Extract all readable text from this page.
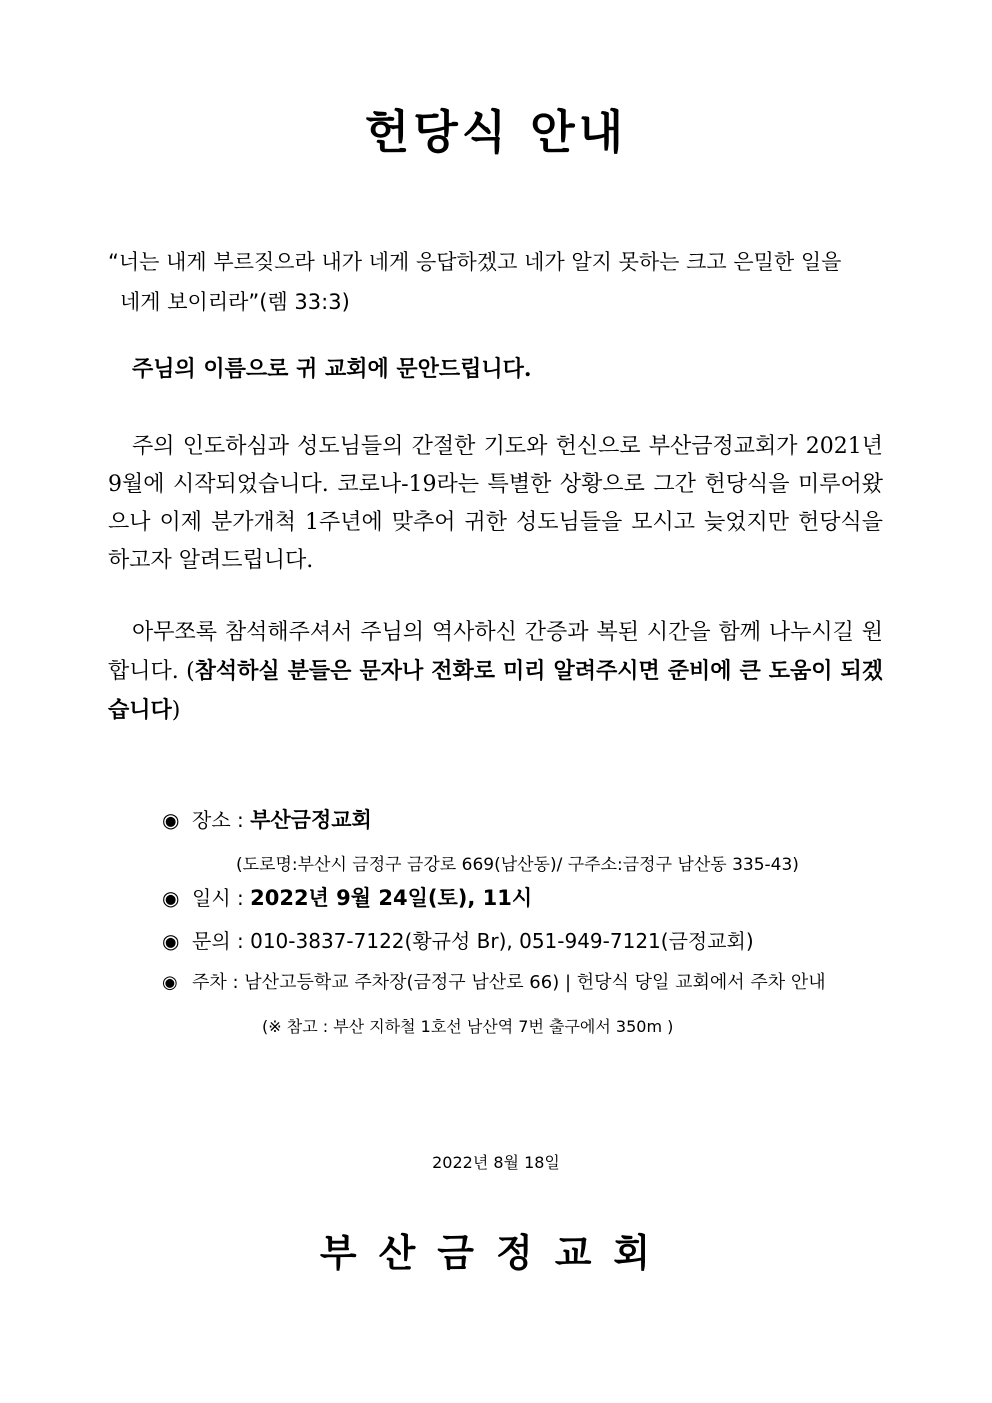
헌당식 안내
“너는 내게 부르짖으라 내가 네게 응답하겠고 네가 알지 못하는 크고 은밀한 일을
네게 보이리라”(렘 33:3)
주님의 이름으로 귀 교회에 문안드립니다.
주의 인도하심과 성도님들의 간절한 기도와 헌신으로 부산금정교회가 2021년 9월에 시작되었습니다. 코로나-19라는 특별한 상황으로 그간 헌당식을 미루어왔으나 이제 분가개척 1주년에 맞추어 귀한 성도님들을 모시고 늦었지만 헌당식을 하고자 알려드립니다.
아무쪼록 참석해주셔서 주님의 역사하신 간증과 복된 시간을 함께 나누시길 원합니다. (참석하실 분들은 문자나 전화로 미리 알려주시면 준비에 큰 도움이 되겠습니다)
◉ 장소 : 부산금정교회
(도로명:부산시 금정구 금강로 669(남산동)/ 구주소:금정구 남산동 335-43)
◉ 일시 : 2022년 9월 24일(토), 11시
◉ 문의 : 010-3837-7122(황규성 Br), 051-949-7121(금정교회)
◉ 주차 : 남산고등학교 주차장(금정구 남산로 66) | 헌당식 당일 교회에서 주차 안내
(※ 참고 : 부산 지하철 1호선 남산역 7번 출구에서 350m )
2022년 8월 18일
부산금정교회
